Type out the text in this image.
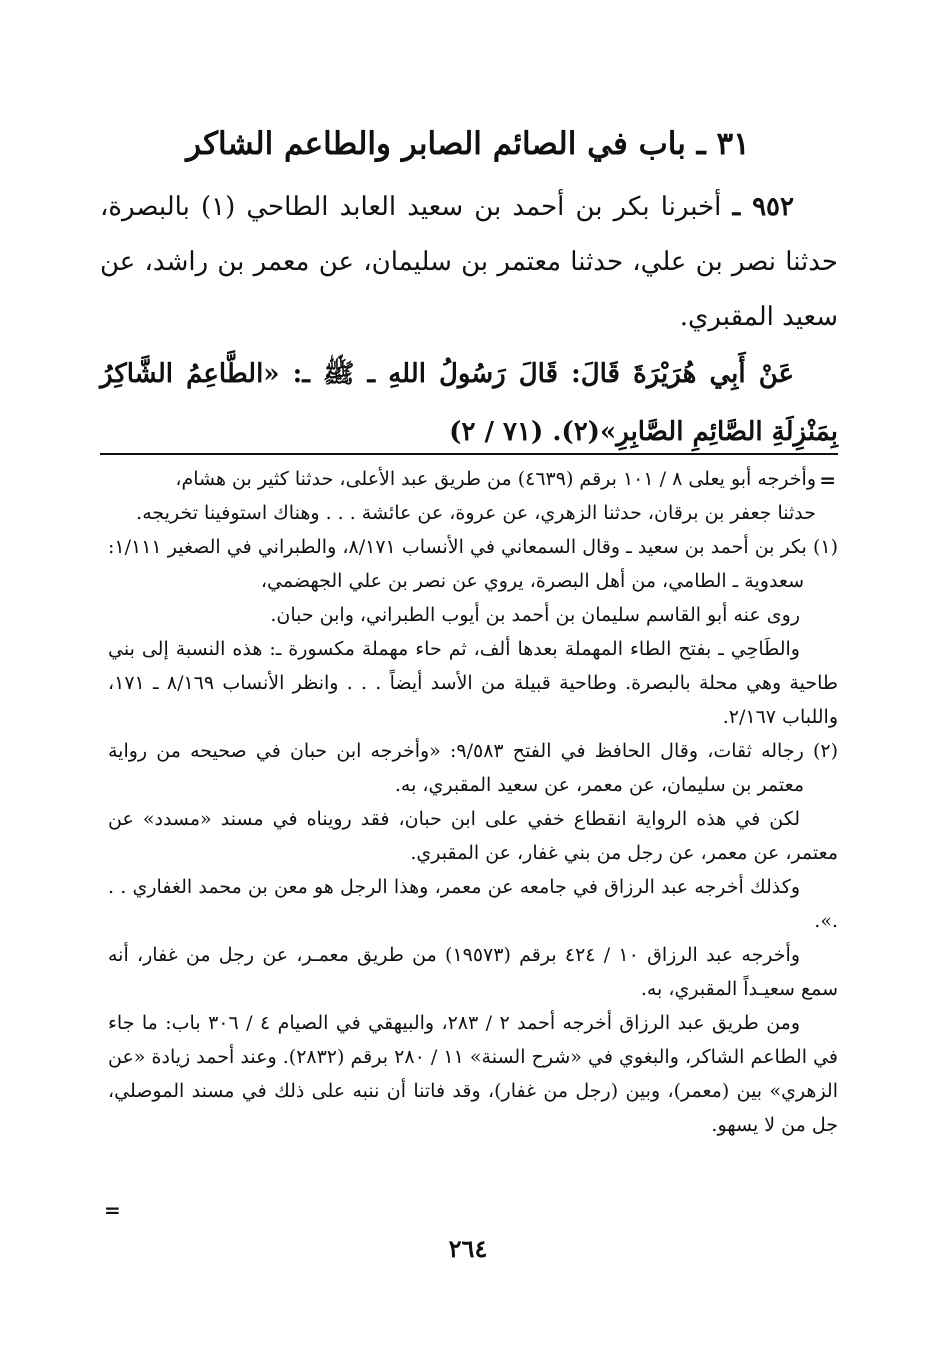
٣١ ـ باب في الصائم الصابر والطاعم الشاكر

٩٥٢ ـ أخبرنا بكر بن أحمد بن سعيد العابد الطاحي (١) بالبصرة، حدثنا نصر بن علي، حدثنا معتمر بن سليمان، عن معمر بن راشد، عن سعيد المقبري.

عَنْ أَبِي هُرَيْرَةَ قَالَ: قَالَ رَسُولُ اللهِ ـ ﷺ ـ: «الطَّاعِمُ الشَّاكِرُ بِمَنْزِلَةِ الصَّائِمِ الصَّابِرِ»(٢). (٧١ / ٢)

=
=

وأخرجه أبو يعلى ٨ / ١٠١ برقم (٤٦٣٩) من طريق عبد الأعلى، حدثنا كثير بن هشام،

حدثنا جعفر بن برقان، حدثنا الزهري، عن عروة، عن عائشة . . . وهناك استوفينا تخريجه.

(١) بكر بن أحمد بن سعيد ـ وقال السمعاني في الأنساب ٨/١٧١، والطبراني في الصغير ١/١١١: سعدوية ـ الطامي، من أهل البصرة، يروي عن نصر بن علي الجهضمي،

روى عنه أبو القاسم سليمان بن أحمد بن أيوب الطبراني، وابن حبان.

والطَاحِي ـ بفتح الطاء المهملة بعدها ألف، ثم حاء مهملة مكسورة ـ: هذه النسبة إلى بني طاحية وهي محلة بالبصرة. وطاحية قبيلة من الأسد أيضاً . . . وانظر الأنساب ٨/١٦٩ ـ ١٧١، واللباب ٢/١٦٧.

(٢) رجاله ثقات، وقال الحافظ في الفتح ٩/٥٨٣: «وأخرجه ابن حبان في صحيحه من رواية معتمر بن سليمان، عن معمر، عن سعيد المقبري، به.

لكن في هذه الرواية انقطاع خفي على ابن حبان، فقد رويناه في مسند «مسدد» عن معتمر، عن معمر، عن رجل من بني غفار، عن المقبري.

وكذلك أخرجه عبد الرزاق في جامعه عن معمر، وهذا الرجل هو معن بن محمد الغفاري . . .».

وأخرجه عبد الرزاق ١٠ / ٤٢٤ برقم (١٩٥٧٣) من طريق معمـر، عن رجل من غفار، أنه سمع سعيـداً المقبري، به.

ومن طريق عبد الرزاق أخرجه أحمد ٢ / ٢٨٣، والبيهقي في الصيام ٤ / ٣٠٦ باب: ما جاء في الطاعم الشاكر، والبغوي في «شرح السنة» ١١ / ٢٨٠ برقم (٢٨٣٢). وعند أحمد زيادة «عن الزهري» بين (معمر)، وبين (رجل من غفار)، وقد فاتنا أن ننبه على ذلك في مسند الموصلي، جل من لا يسهو.

٢٦٤
